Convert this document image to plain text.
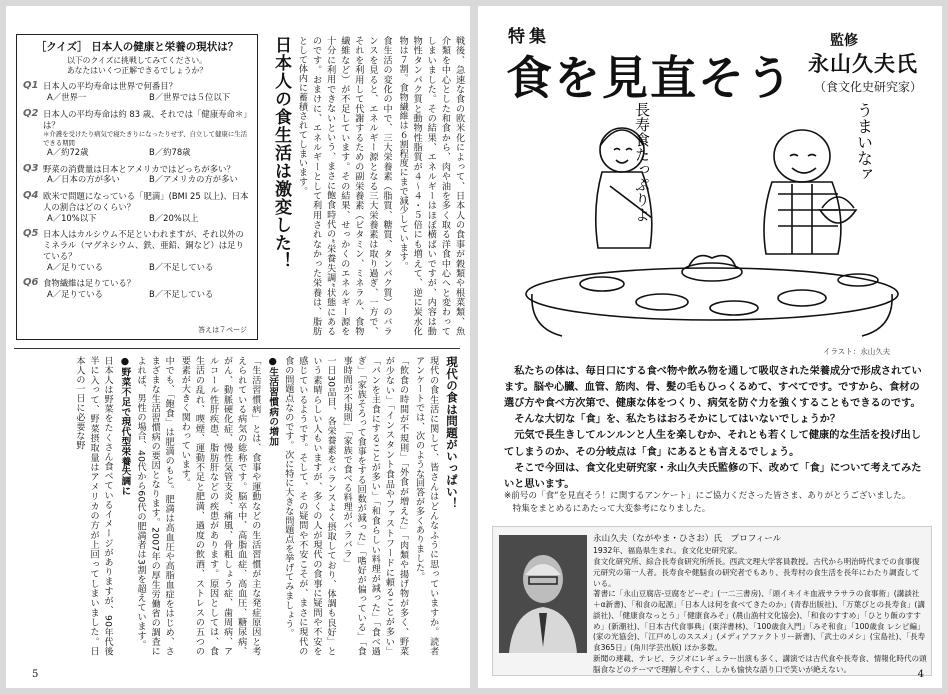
［クイズ］ 日本人の健康と栄養の現状は？
以下のクイズに挑戦してみてください。
あなたはいくつ正解できるでしょうか？
Q1 日本人の平均寿命は世界で何番目？
A／世界一	B／世界では５位以下
Q2 日本人の平均寿命は約 83 歳、それでは「健康寿命＊」は？
＊介護を受けたり病気で寝たきりになったりせず、自立して健康に生活できる期間
A／約72歳	B／約78歳
Q3 野菜の消費量は日本とアメリカではどっちが多い？
A／日本の方が多い	B／アメリカの方が多い
Q4 欧米で問題になっている「肥満」(BMI 25 以上)、日本人の割合はどのくらい？
A／10%以下	B／20%以上
Q5 日本人はカルシウム不足といわれますが、それ以外のミネラル（マグネシウム、鉄、亜鉛、銅など）は足りている？
A／足りている	B／不足している
Q6 食物繊維は足りている？
A／足りている	B／不足している
答えは７ページ
日本人の食生活は激変した！	戦後、急速な食の欧米化によって、日本人の食事が穀類や根菜類、魚介類を中心とした和食から、肉や油を多く取る洋食中心へと変わってしまいました。その結果、エネルギーはほぼ横ばいですが、内容は動物性タンパク質と動物性脂質が４〜４・５倍にも増えて、逆に炭水化物は７割。食物繊維は６割程度にまで減少しています。

食生活の変化の中で、三大栄養素（脂質、糖質、タンパク質）のバランスを見ると、エネルギー源となる三大栄養素は取り過ぎ、一方で、それを利用して代謝するための副栄養素（ビタミン、ミネラル、食物繊維など）が不足しています。その結果、せっかくのエネルギー源を十分に利用できないという、まさに飽食時代の“栄養失調”状態にあるのです。おまけに、エネルギーとして利用されなかった栄養は、脂肪として体内に蓄積されてしまいます。

現代の食は問題がいっぱい！

現代の食生活に関して、皆さんはどんなふうに思っていますか。読者アンケートでは、次のような回答が多くありました。

「飲食の時間が不規則」「外食が増えた」「肉類や揚げ物が多く、野菜が少ない」「インスタント食品やファストフードに頼ることが多い」「パンを主食にすることが多い」「和食らしい料理が減った」「食べ過ぎ」「家族そろって食事をする回数が減った」「嗜好が偏っている」「食事時間が不規則」「家族で食べる料理がバラバラ」

一日30品目、各栄養素をバランスよく摂取しており、体調も良好」という素晴らしい人もいますが、多くの人が現代の食事に疑問や不安を感じているようです。そして、その疑問や不安こそが、まさに現代の食の問題点なのです。次に特に大きな問題点を挙げてみましょう。

●生活習慣病の増加

「生活習慣病」とは、食事や運動などの生活習慣が主な発症原因と考えられている病気の総称です。脳卒中、高脂血症、高血圧、糖尿病、がん、動脈硬化症、慢性気管支炎、痛風、骨粗しょう症、歯周病、アルコール性肝疾患、脂肪肝などの疾患があります。原因としては、食生活の乱れ、喫煙、運動不足と肥満、過度の飲酒、ストレスの五つの要素が大きく関わっています。

中でも、「飽食」は肥満のもと。肥満は高血圧や高脂血症をはじめ、さまざまな生活習慣病の要因となります。2007年の厚生労働省の調査によれば、男性の場合、40代から60代の肥満者は3割を超えています。

●野菜不足で現代型栄養失調に

日本人は野菜をたくさん食べているイメージがありますが、90年代後半に入って、野菜摂取量はアメリカの方が上回ってしまいました。日本人の一日に必要な野

5
特集
食を見直そう
監修
永山久夫氏
（食文化史研究家）
うまいなァ
長寿食たっぷりよ
イラスト：永山久夫

私たちの体は、毎日口にする食べ物や飲み物を通して吸収された栄養成分で形成されています。脳や心臓、血管、筋肉、骨、髪の毛もひっくるめて、すべてです。ですから、食材の選び方や食べ方次第で、健康な体をつくり、病気を防ぐ力を強くすることもできるのです。

そんな大切な「食」を、私たちはおろそかにしてはいないでしょうか？

元気で長生きしてルンルンと人生を楽しむか、それとも若くして健康的な生活を投げ出してしまうのか、その分岐点は「食」にあるとも言えるでしょう。

そこで今回は、食文化史研究家・永山久夫氏監修の下、改めて「食」について考えてみたいと思います。

※前号の「食“を見直そう！に関するアンケート」にご協力くださった皆さま、ありがとうございました。

特集をまとめるにあたって大変参考になりました。

永山久夫（ながやま・ひさお）氏　プロフィール
1932年、福島県生まれ。食文化史研究家。
食文化研究所、綜合長寿食研究所所長。西武文理大学客員教授。古代から明治時代までの食事復元研究の第一人者。長寿食や健脳食の研究者でもあり、長寿村の食生活を長年にわたり調査している。
著書に「永山豆腐店-豆腐をどーぞ」(一二三書房)、「頭イキイキ血液サラサラの食事術」(講談社＋α新書)、「和食の起源」「日本人は何を食べてきたのか」(青春出版社)、「万葉びとの長寿食」(講談社)、「健康食なっとう」「健康食みそ」(農山漁村文化協会)、「和食のすすめ」「ひとり飯のすすめ」(新潮社)、「日本古代食事典」(東洋書林)、「100歳食入門」「みそ和食」「100歳食 レシピ編」(家の光協会)、「江戸めしのススメ」(メディアファクトリー新書)、「武士のメシ」(宝島社)、「長寿食365日」(角川学芸出版) ほか多数。
新聞の連載、テレビ、ラジオにレギュラー出演も多く、講演では古代食や長寿食、情報化時代の頭脳食などのテーマで理解しやすく、しかも愉快な語り口で笑いが絶えない。	4
